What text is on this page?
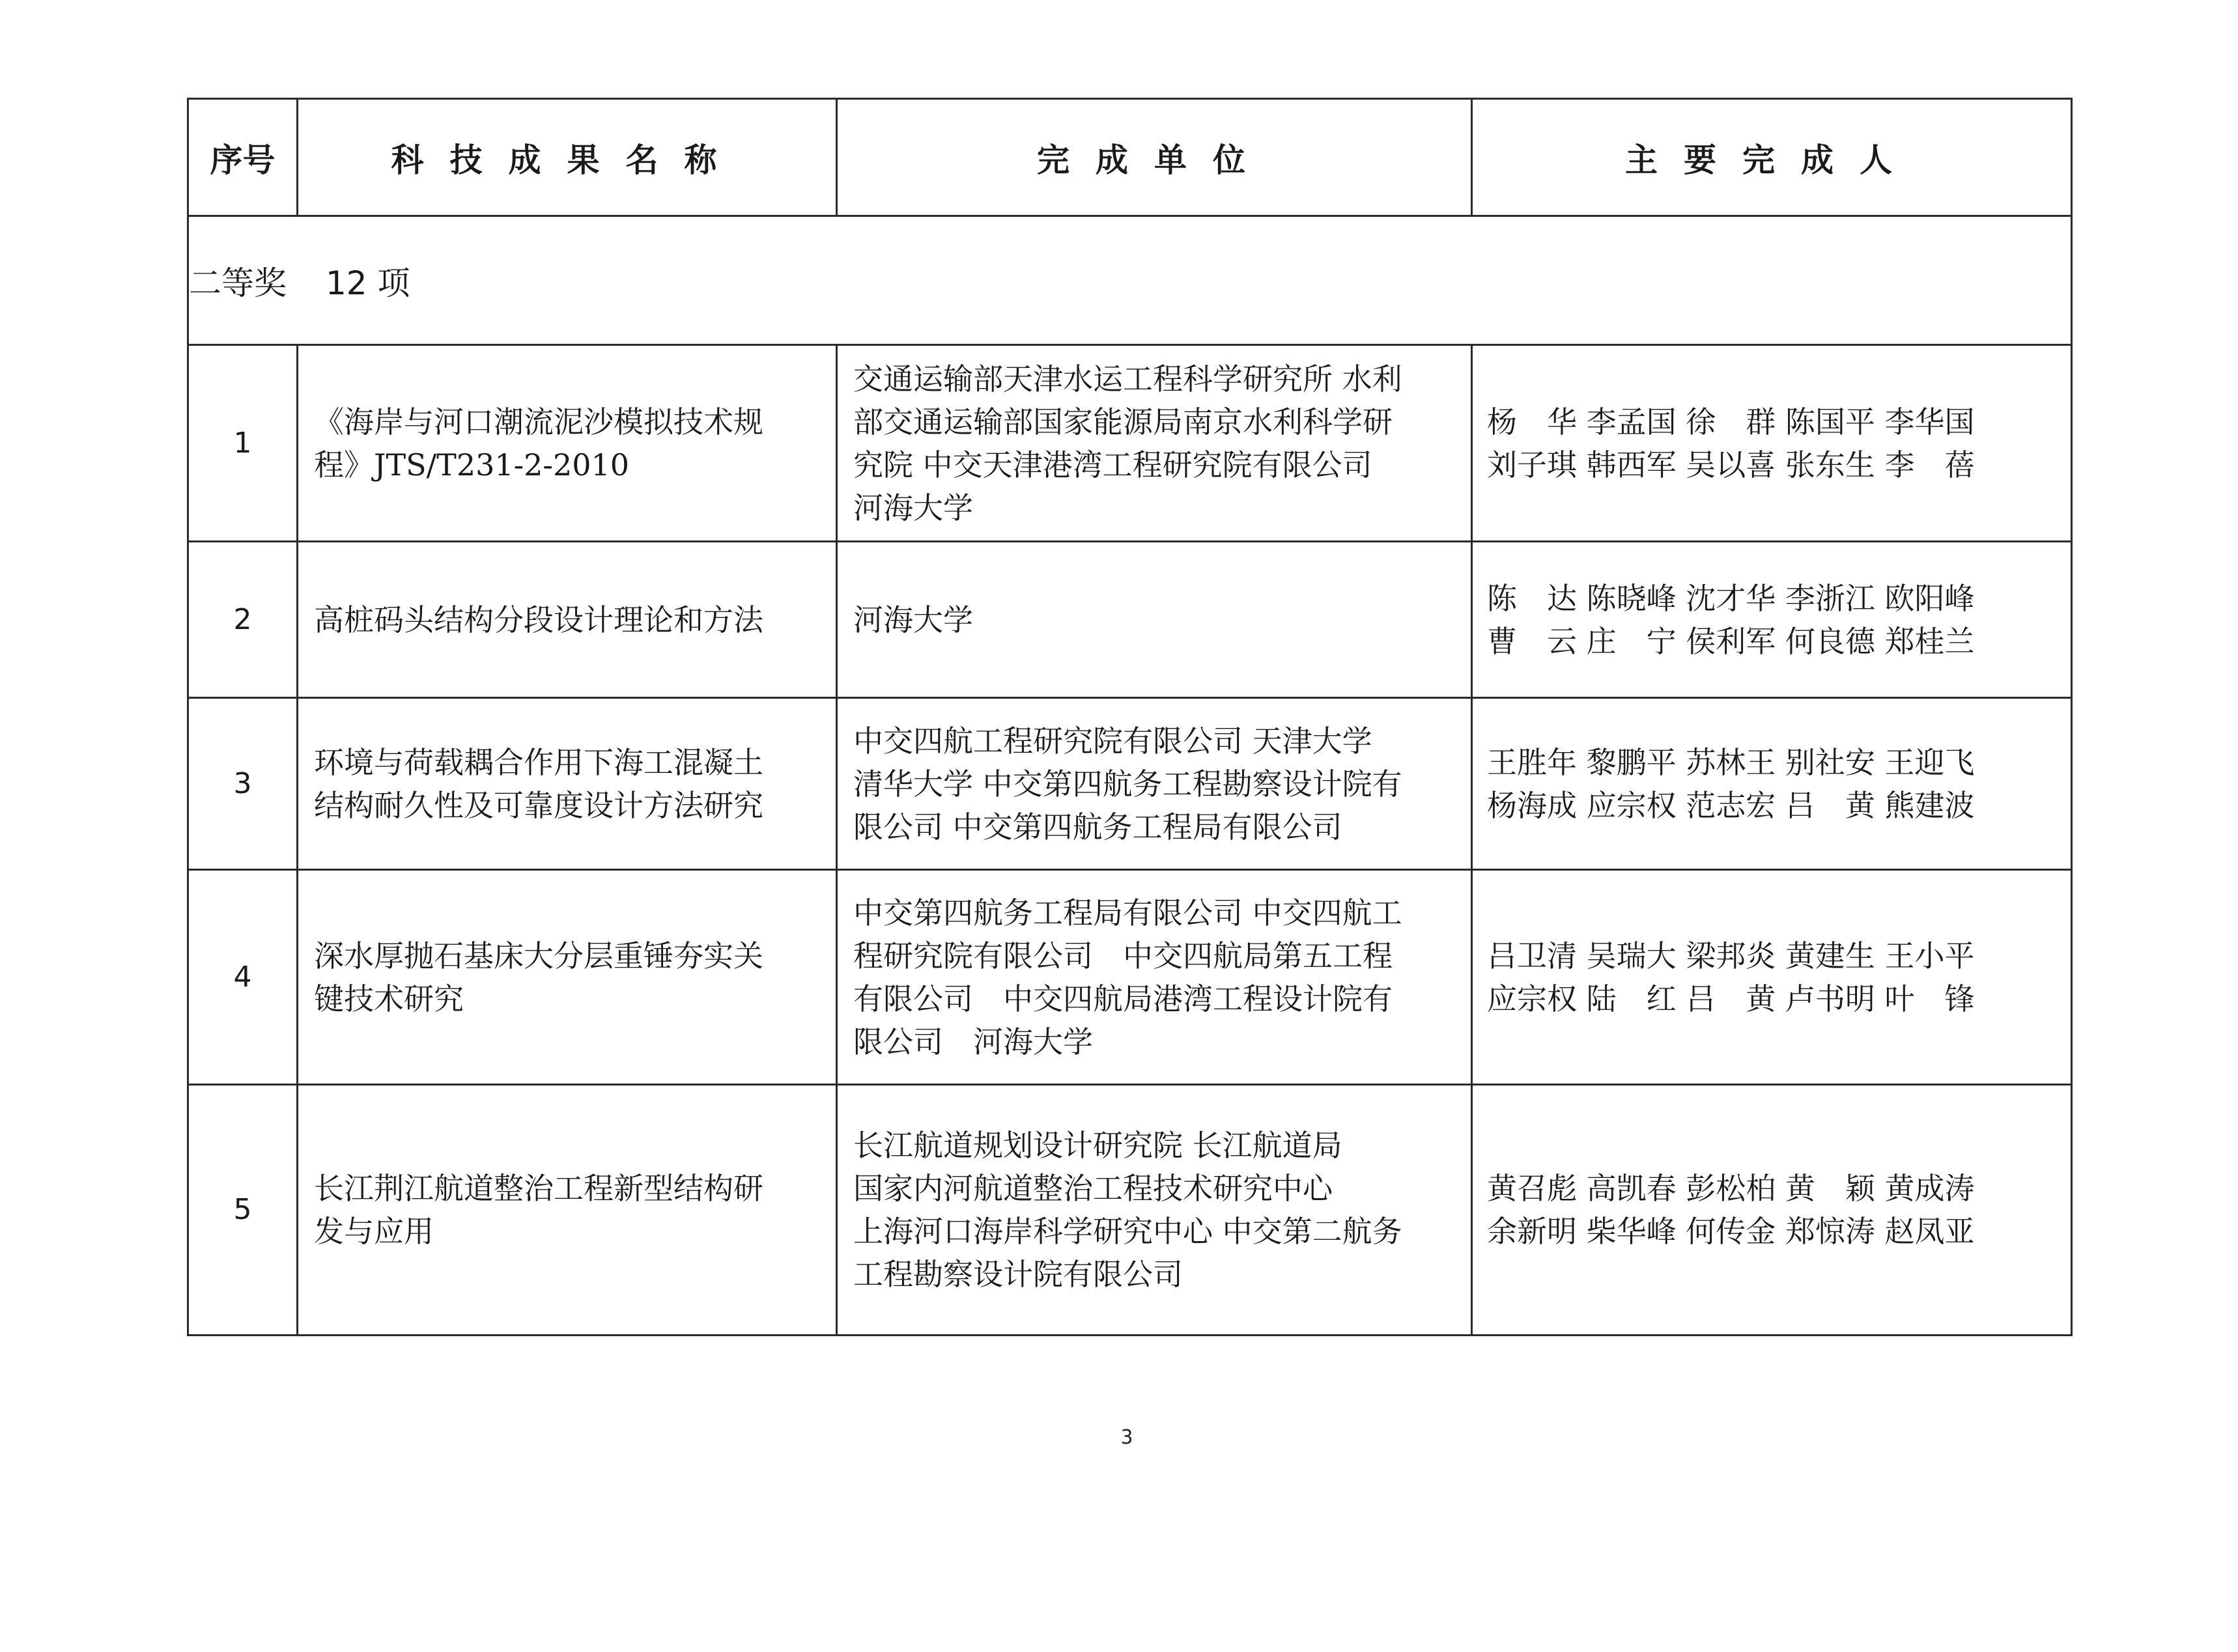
序号	科技成果名称	完成单位	主要完成人
二等奖 12 项			
1	《海岸与河口潮流泥沙模拟技术规
程》JTS/T231-2-2010	交通运输部天津水运工程科学研究所 水利
部交通运输部国家能源局南京水利科学研
究院 中交天津港湾工程研究院有限公司
河海大学	杨　华 李孟国 徐　群 陈国平 李华国
刘子琪 韩西军 吴以喜 张东生 李　蓓

2	高桩码头结构分段设计理论和方法	河海大学	陈　达 陈晓峰 沈才华 李浙江 欧阳峰
曹　云 庄　宁 侯利军 何良德 郑桂兰

3	环境与荷载耦合作用下海工混凝土
结构耐久性及可靠度设计方法研究	中交四航工程研究院有限公司 天津大学
清华大学 中交第四航务工程勘察设计院有
限公司 中交第四航务工程局有限公司	王胜年 黎鹏平 苏林王 别社安 王迎飞
杨海成 应宗权 范志宏 吕　黄 熊建波

4	深水厚抛石基床大分层重锤夯实关
键技术研究	中交第四航务工程局有限公司 中交四航工
程研究院有限公司　中交四航局第五工程
有限公司　中交四航局港湾工程设计院有
限公司　河海大学	吕卫清 吴瑞大 梁邦炎 黄建生 王小平
应宗权 陆　红 吕　黄 卢书明 叶　锋

5	长江荆江航道整治工程新型结构研
发与应用	长江航道规划设计研究院 长江航道局
国家内河航道整治工程技术研究中心
上海河口海岸科学研究中心 中交第二航务
工程勘察设计院有限公司	黄召彪 高凯春 彭松柏 黄　颖 黄成涛
余新明 柴华峰 何传金 郑惊涛 赵凤亚
3
